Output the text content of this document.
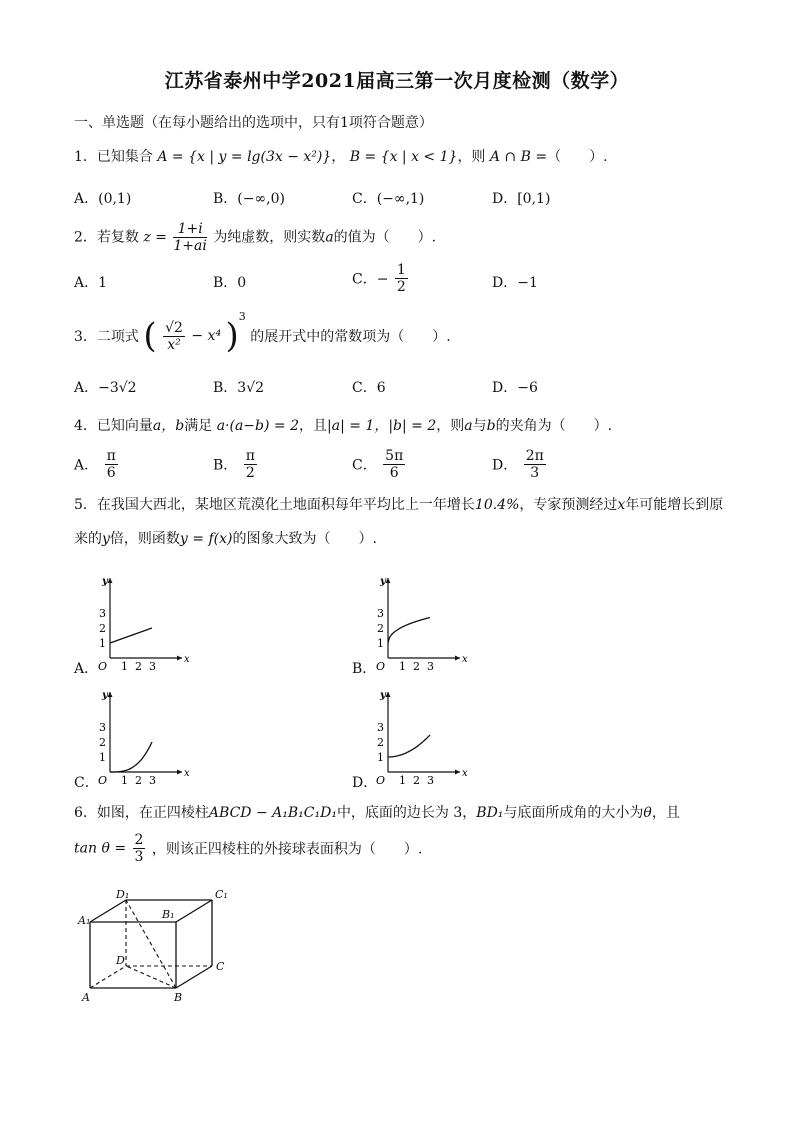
江苏省泰州中学2021届高三第一次月度检测（数学）
一、单选题（在每小题给出的选项中，只有1项符合题意）
1．已知集合 A = {x | y = lg(3x − x²)}， B = {x | x < 1}，则 A ∩ B =（　　）.
A．(0,1)	B．(−∞,0)	C．(−∞,1)	D．[0,1)
2．若复数 $z = \frac{1+i}{1+ai}$ 为纯虚数，则实数a的值为（　　）.
A．1	B．0	C．− $\frac{1}{2}$	D．−1
3．二项式 ( $\frac{√2}{\text{x²}} - x^4$ )$^3$ 的展开式中的常数项为（　　）.
A．−3√2	B．3√2	C．6	D．−6
4．已知向量a，b满足 a·(a−b) = 2，且|a| = 1，|b| = 2，则a与b的夹角为（　　）.
A． $\frac{\pi}{6}$	B． $\frac{\pi}{2}$	C． $\frac{5\pi}{6}$	D． $\frac{2\pi}{3}$
5．在我国大西北，某地区荒漠化土地面积每年平均比上一年增长10.4%，专家预测经过x年可能增长到原
来的y倍，则函数y = f(x)的图象大致为（　　）.
A．	B．
C．	D．
y
x
O 1
1
2
2
3
3
y
x
O 1
1
2
2
3
3
y
x
O 1
1
2
2
3
3
y
x
O 1
1
2
2
3
3
6．如图，在正四棱柱ABCD − A₁B₁C₁D₁中，底面的边长为 3，BD₁与底面所成角的大小为θ，且
$\tan \theta = \frac{2}{3}$ ，则该正四棱柱的外接球表面积为（　　）.
D₁	C₁
A₁	B₁
D	C
A	B
